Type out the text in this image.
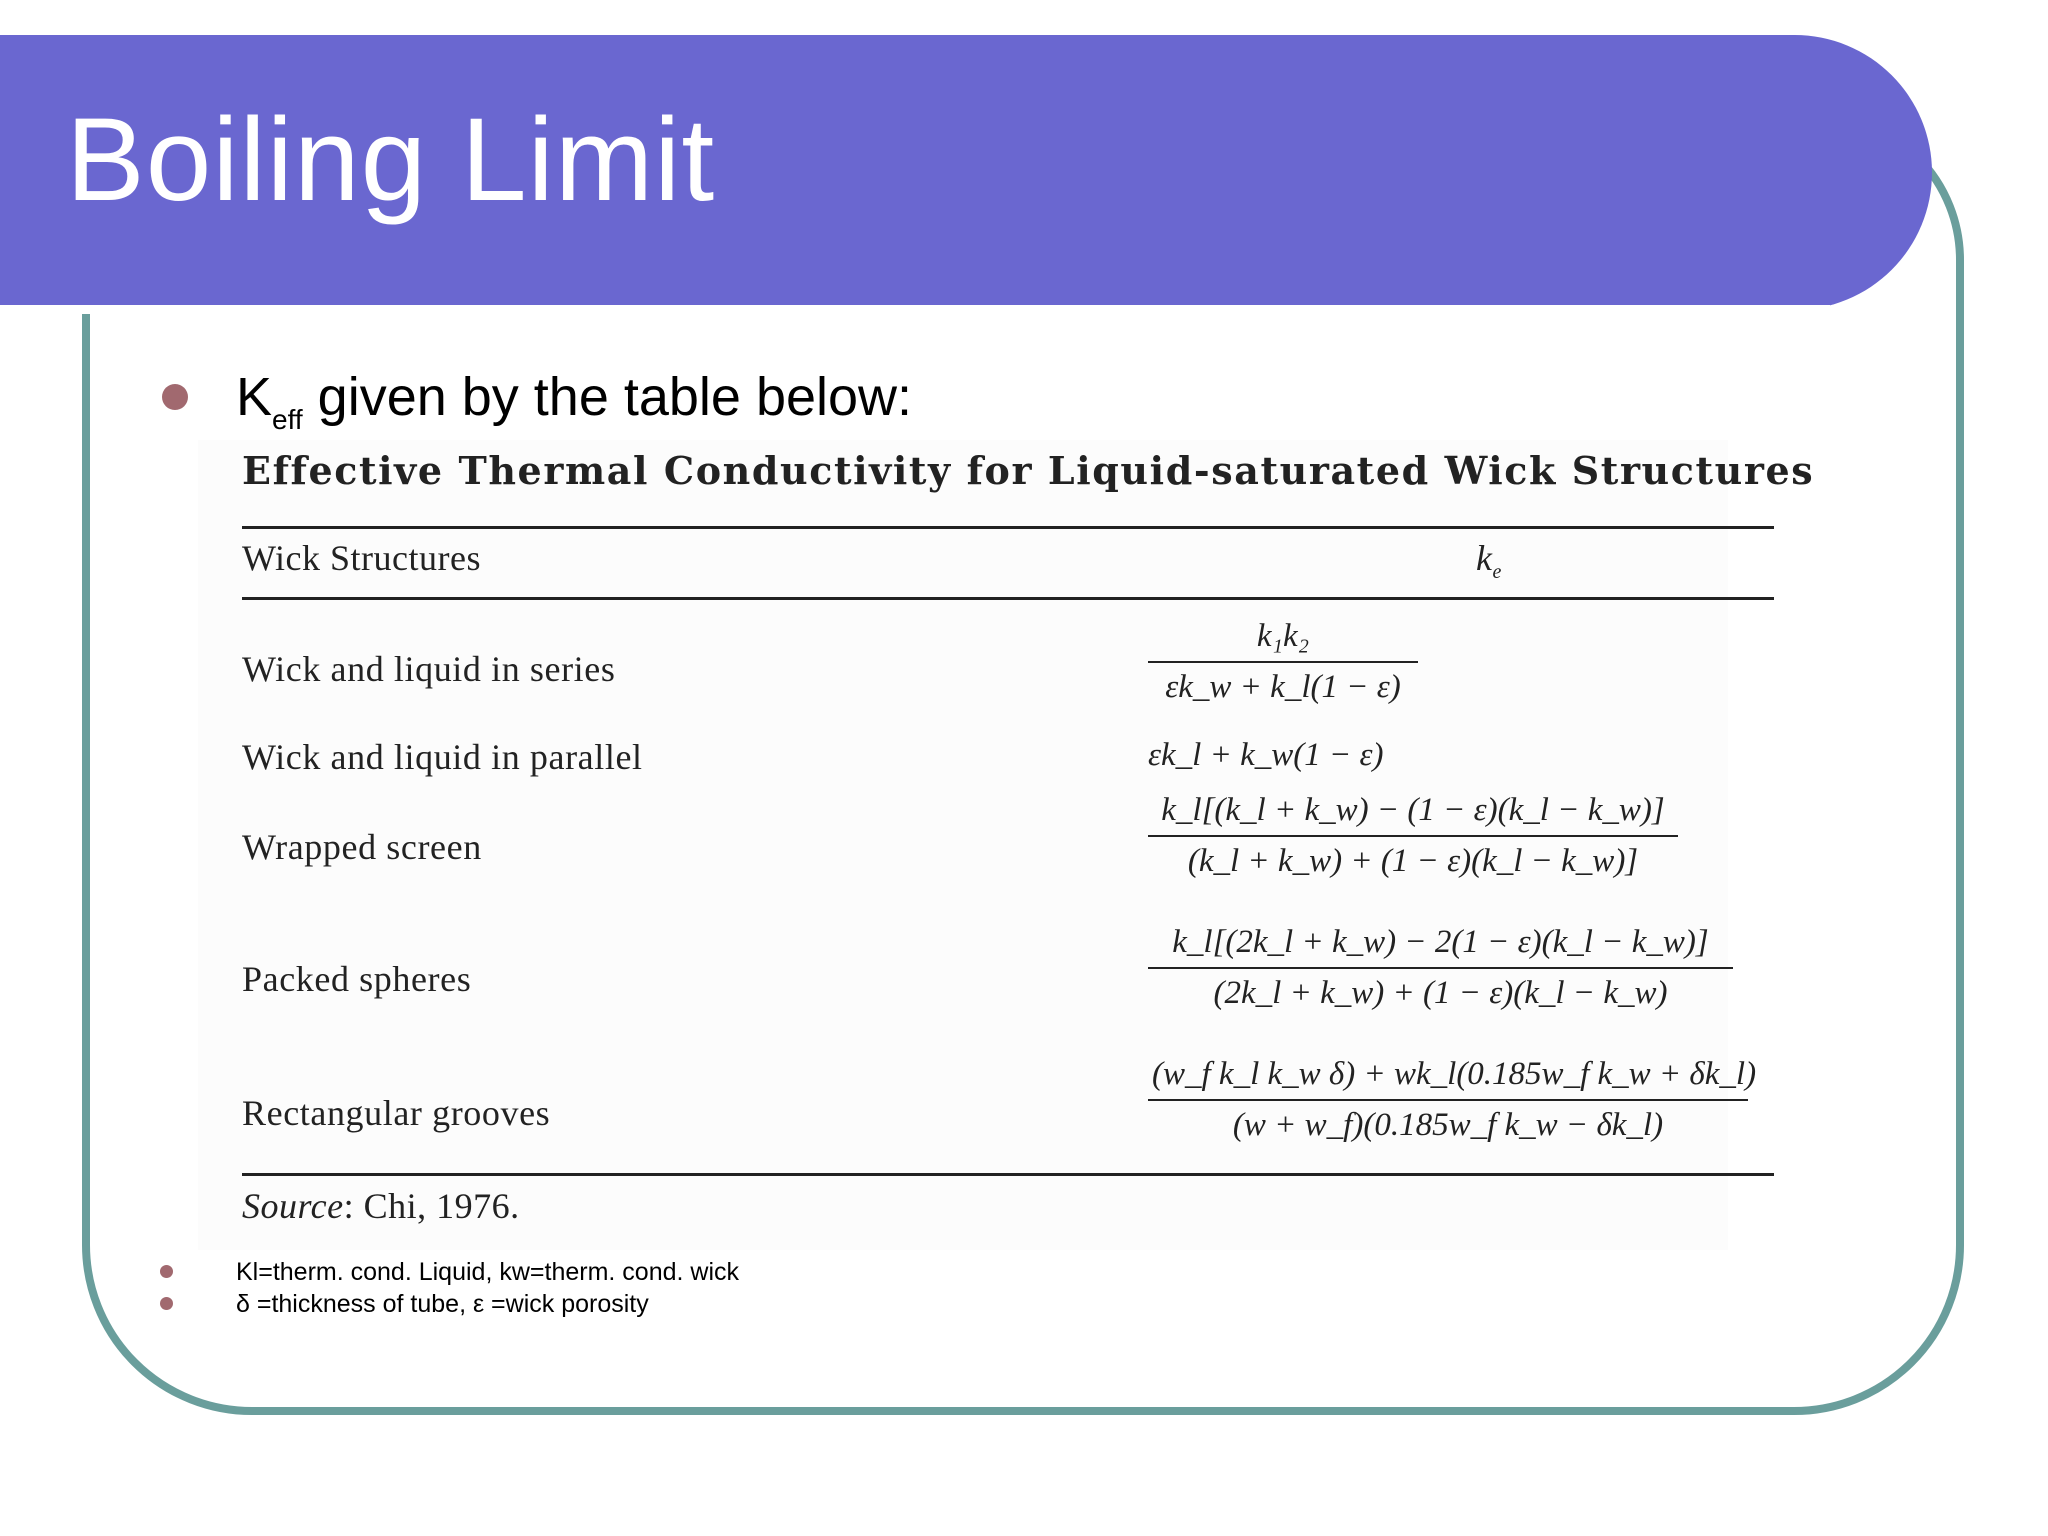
Boiling Limit

$K_{eff}$ given by the table below:

Effective Thermal Conductivity for Liquid-saturated Wick Structures

Wick Structures	$k_e$
Wick and liquid in series	$\frac{\text{k₁k₂}}{\varepsilon k\_w + k\_l(1 - \varepsilon)}$
Wick and liquid in parallel	εk_l + k_w(1 − ε)
Wrapped screen	$\frac{k\_l[(k\_l + k\_w) - (1 - \varepsilon)(k\_l - k\_w)]}{(k\_l + k\_w) + (1 - \varepsilon)(k\_l - k\_w)]}$
Packed spheres	$\frac{k\_l[(2k\_l + k\_w) - 2(1 - \varepsilon)(k\_l - k\_w)]}{(2k\_l + k\_w) + (1 - \varepsilon)(k\_l - k\_w)}$
Rectangular grooves	$\frac{\text{(w\_f k\_l k\_w δ) + wk\_l(0.185w\_f k\_w + δk\_l)}}{\text{(w + w\_f)(0.185w\_f k\_w − δk\_l)}}$
Source: Chi, 1976.
Kl=therm. cond. Liquid, kw=therm. cond. wick
δ =thickness of tube, ε =wick porosity
